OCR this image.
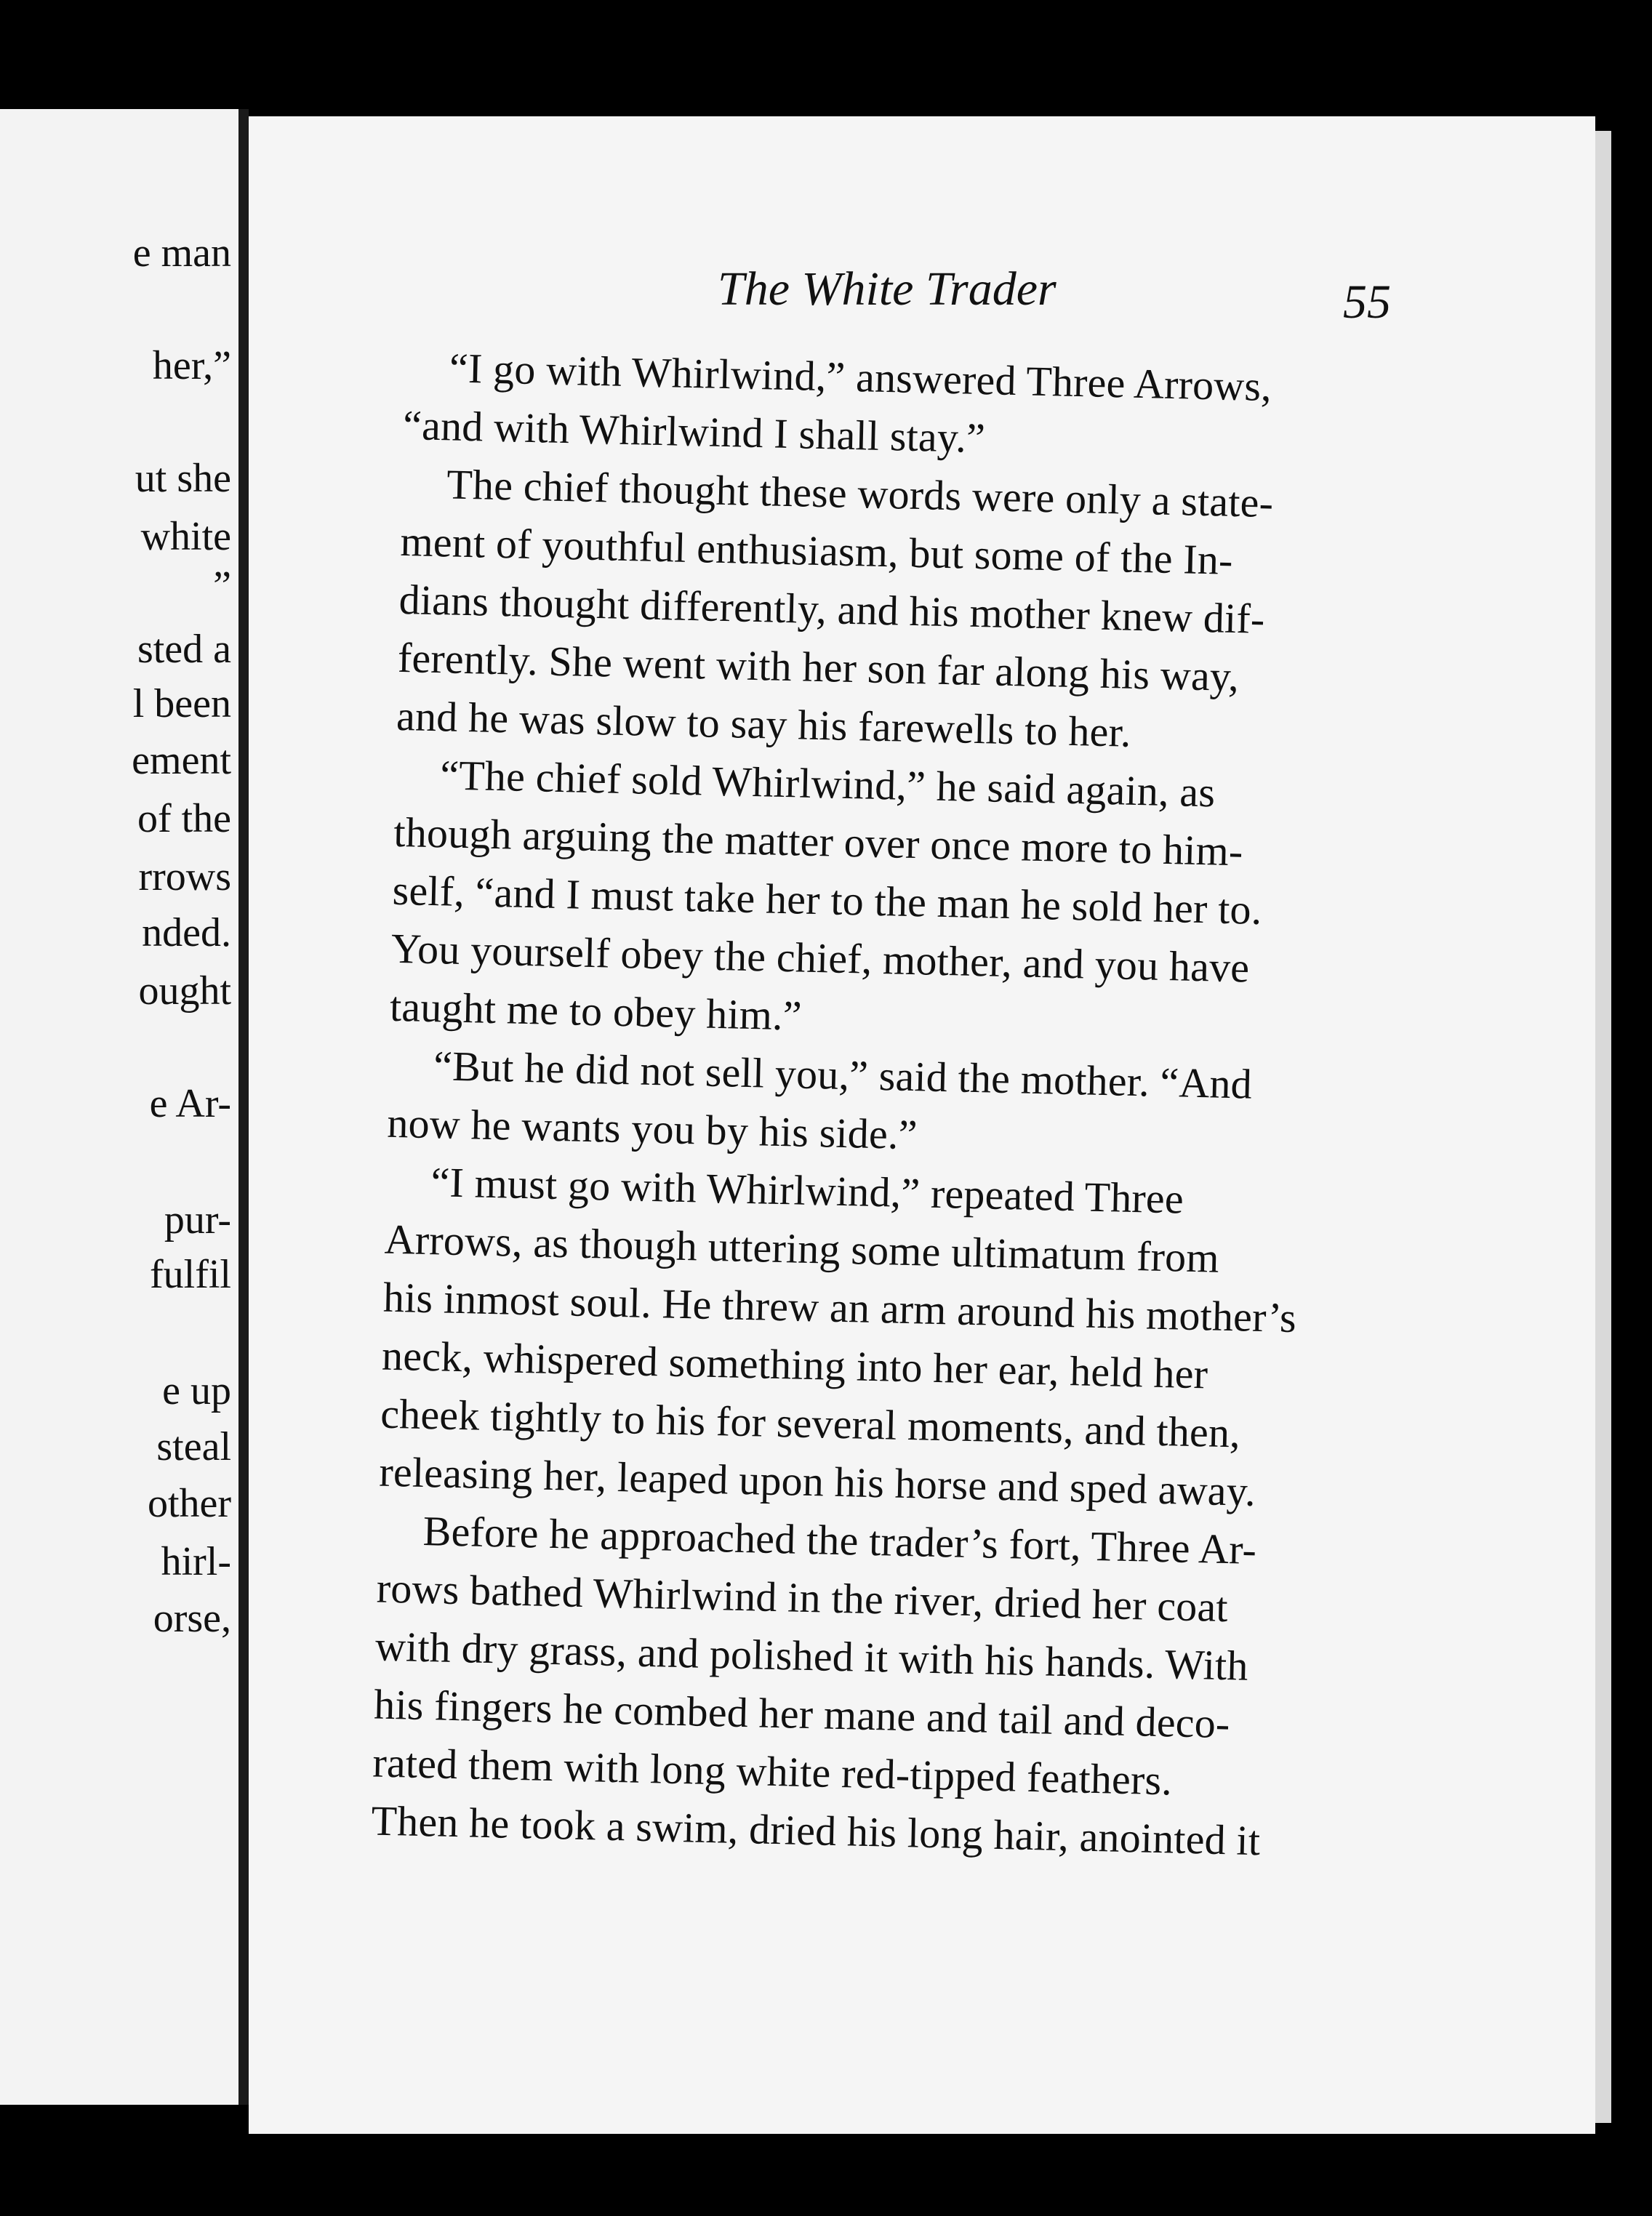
e man
her,”
ut she
white
”
sted a
l been
ement
of the
rrows
nded.
ought
e Ar-
pur-
fulfil
e up
steal
other
hirl-
orse,
The White Trader	55
“I go with Whirlwind,” answered Three Arrows,
“and with Whirlwind I shall stay.”
The chief thought these words were only a state-
ment of youthful enthusiasm, but some of the In-
dians thought differently, and his mother knew dif-
ferently. She went with her son far along his way,
and he was slow to say his farewells to her.
“The chief sold Whirlwind,” he said again, as
though arguing the matter over once more to him-
self, “and I must take her to the man he sold her to.
You yourself obey the chief, mother, and you have
taught me to obey him.”
“But he did not sell you,” said the mother. “And
now he wants you by his side.”
“I must go with Whirlwind,” repeated Three
Arrows, as though uttering some ultimatum from
his inmost soul. He threw an arm around his mother’s
neck, whispered something into her ear, held her
cheek tightly to his for several moments, and then,
releasing her, leaped upon his horse and sped away.
Before he approached the trader’s fort, Three Ar-
rows bathed Whirlwind in the river, dried her coat
with dry grass, and polished it with his hands. With
his fingers he combed her mane and tail and deco-
rated them with long white red-tipped feathers.
Then he took a swim, dried his long hair, anointed it
